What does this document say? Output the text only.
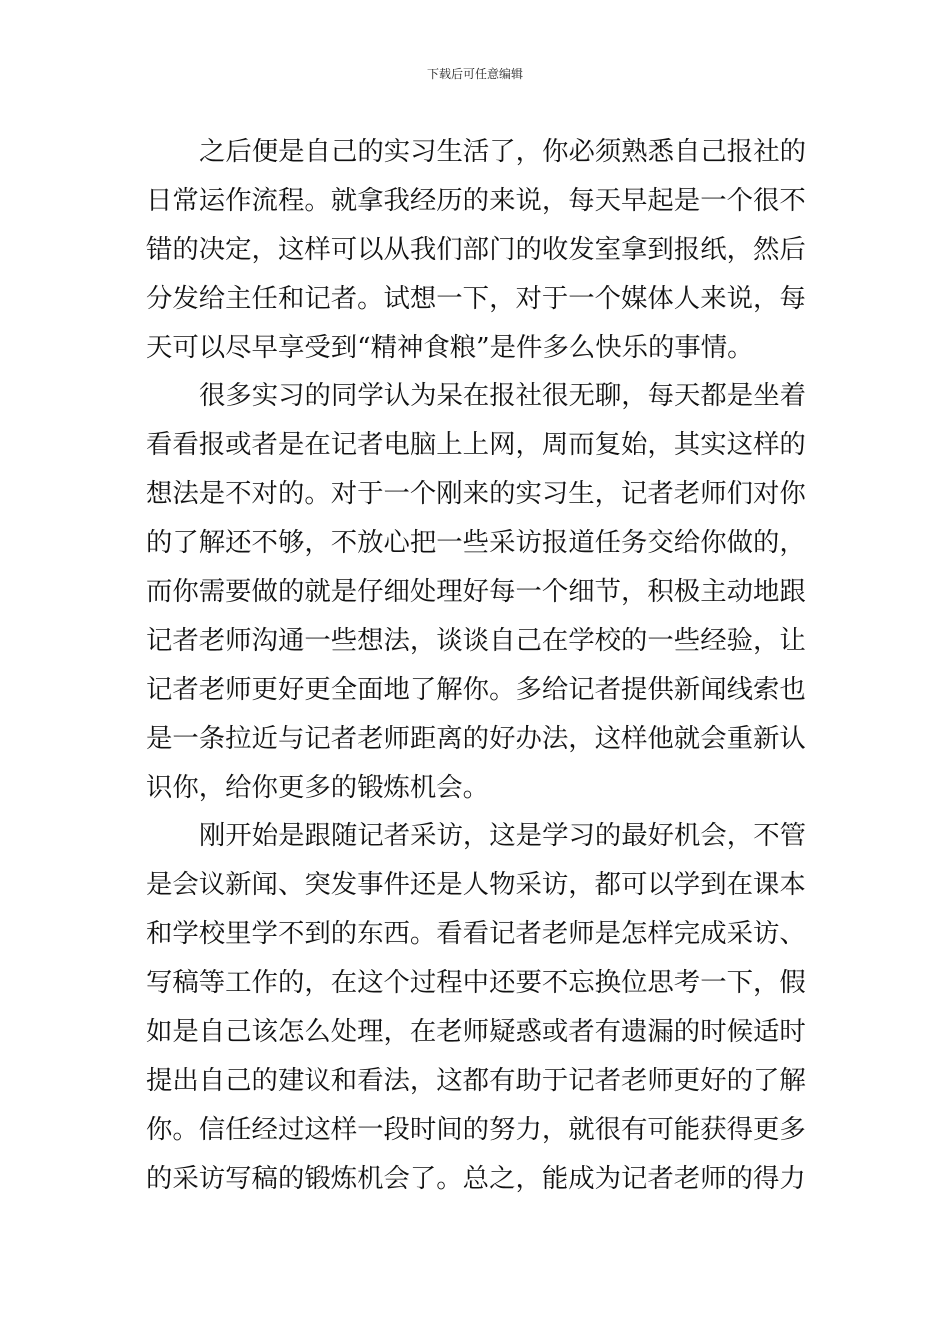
下载后可任意编辑
之后便是自己的实习生活了，你必须熟悉自己报社的
日常运作流程。就拿我经历的来说，每天早起是一个很不
错的决定，这样可以从我们部门的收发室拿到报纸，然后
分发给主任和记者。试想一下，对于一个媒体人来说，每
天可以尽早享受到“精神食粮”是件多么快乐的事情。
很多实习的同学认为呆在报社很无聊，每天都是坐着
看看报或者是在记者电脑上上网，周而复始，其实这样的
想法是不对的。对于一个刚来的实习生，记者老师们对你
的了解还不够，不放心把一些采访报道任务交给你做的，
而你需要做的就是仔细处理好每一个细节，积极主动地跟
记者老师沟通一些想法，谈谈自己在学校的一些经验，让
记者老师更好更全面地了解你。多给记者提供新闻线索也
是一条拉近与记者老师距离的好办法，这样他就会重新认
识你，给你更多的锻炼机会。
刚开始是跟随记者采访，这是学习的最好机会，不管
是会议新闻、突发事件还是人物采访，都可以学到在课本
和学校里学不到的东西。看看记者老师是怎样完成采访、
写稿等工作的，在这个过程中还要不忘换位思考一下，假
如是自己该怎么处理，在老师疑惑或者有遗漏的时候适时
提出自己的建议和看法，这都有助于记者老师更好的了解
你。信任经过这样一段时间的努力，就很有可能获得更多
的采访写稿的锻炼机会了。总之，能成为记者老师的得力
